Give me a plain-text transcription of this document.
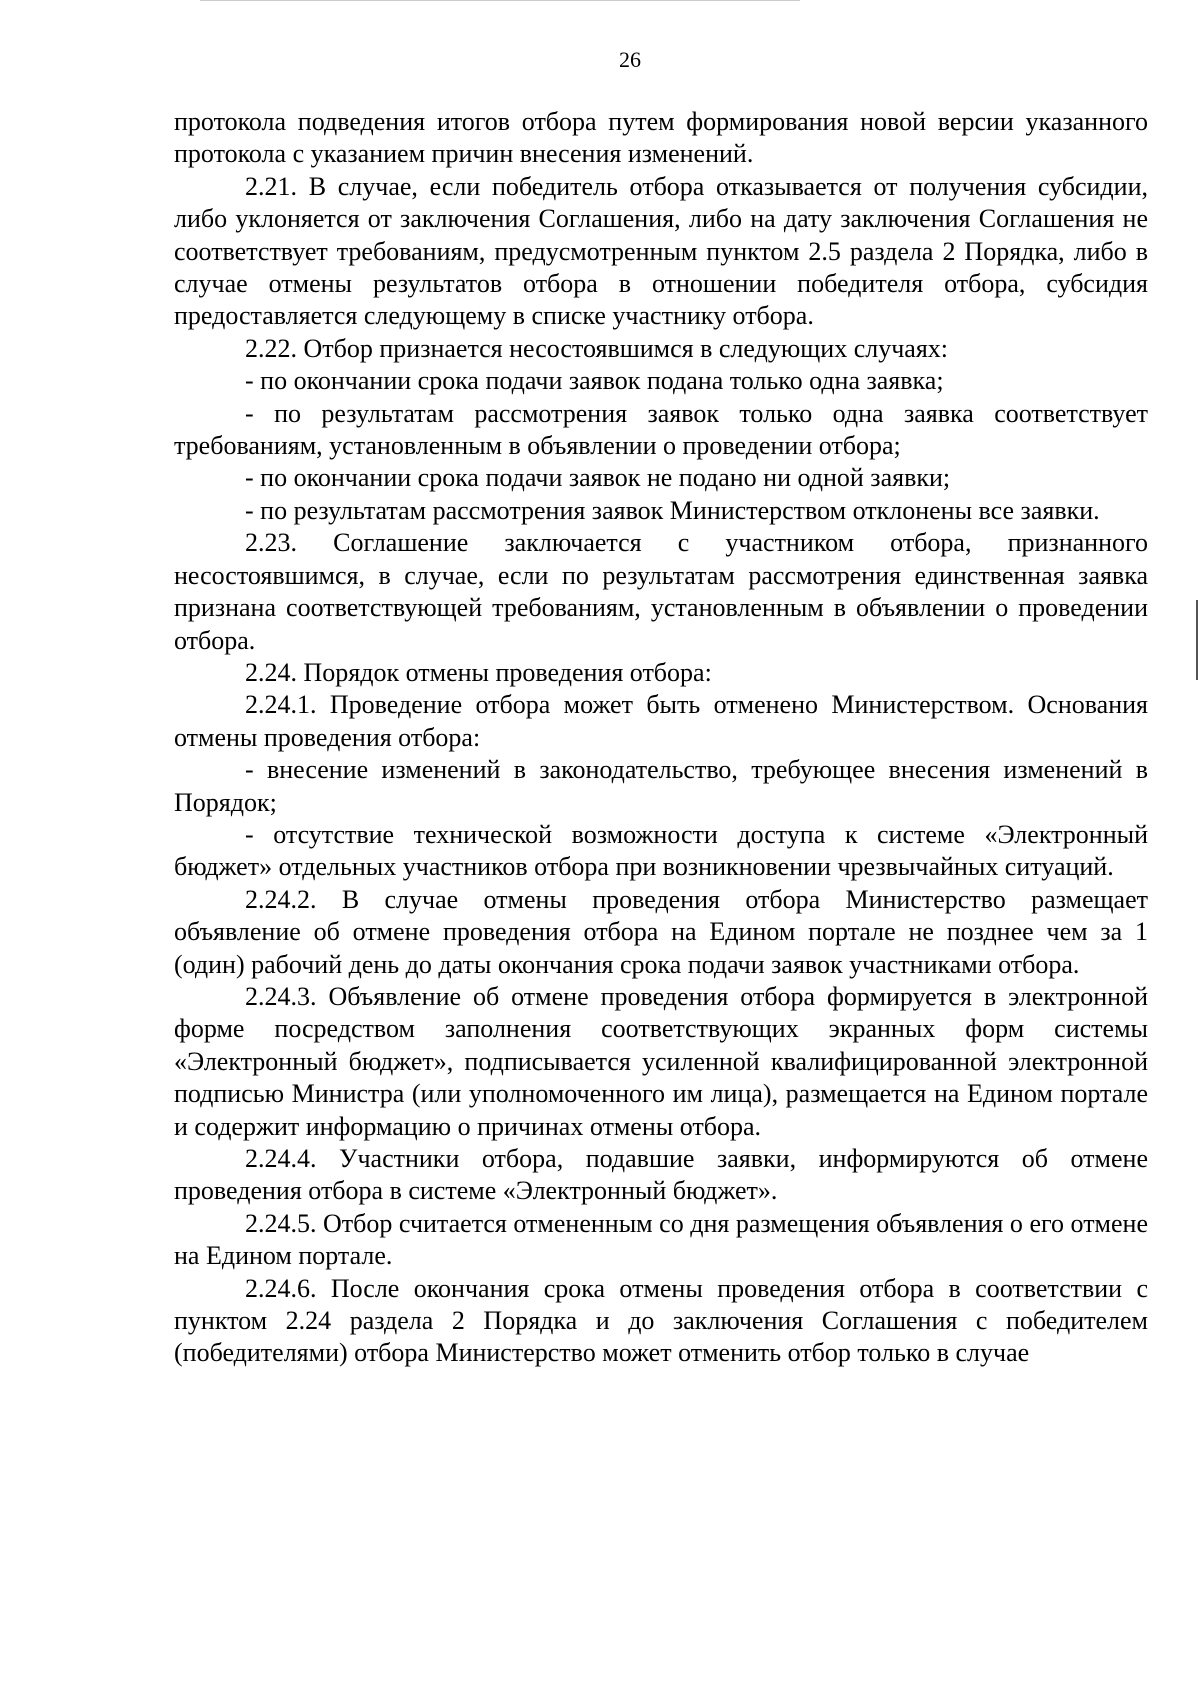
26

протокола подведения итогов отбора путем формирования новой версии указанного протокола с указанием причин внесения изменений.

2.21. В случае, если победитель отбора отказывается от получения субсидии, либо уклоняется от заключения Соглашения, либо на дату заключения Соглашения не соответствует требованиям, предусмотренным пунктом 2.5 раздела 2 Порядка, либо в случае отмены результатов отбора в отношении победителя отбора, субсидия предоставляется следующему в списке участнику отбора.

2.22. Отбор признается несостоявшимся в следующих случаях:

- по окончании срока подачи заявок подана только одна заявка;

- по результатам рассмотрения заявок только одна заявка соответствует требованиям, установленным в объявлении о проведении отбора;

- по окончании срока подачи заявок не подано ни одной заявки;

- по результатам рассмотрения заявок Министерством отклонены все заявки.

2.23. Соглашение заключается с участником отбора, признанного несостоявшимся, в случае, если по результатам рассмотрения единственная заявка признана соответствующей требованиям, установленным в объявлении о проведении отбора.

2.24. Порядок отмены проведения отбора:

2.24.1. Проведение отбора может быть отменено Министерством. Основания отмены проведения отбора:

- внесение изменений в законодательство, требующее внесения изменений в Порядок;

- отсутствие технической возможности доступа к системе «Электронный бюджет» отдельных участников отбора при возникновении чрезвычайных ситуаций.

2.24.2. В случае отмены проведения отбора Министерство размещает объявление об отмене проведения отбора на Едином портале не позднее чем за 1 (один) рабочий день до даты окончания срока подачи заявок участниками отбора.

2.24.3. Объявление об отмене проведения отбора формируется в электронной форме посредством заполнения соответствующих экранных форм системы «Электронный бюджет», подписывается усиленной квалифицированной электронной подписью Министра (или уполномоченного им лица), размещается на Едином портале и содержит информацию о причинах отмены отбора.

2.24.4. Участники отбора, подавшие заявки, информируются об отмене проведения отбора в системе «Электронный бюджет».

2.24.5. Отбор считается отмененным со дня размещения объявления о его отмене на Едином портале.

2.24.6. После окончания срока отмены проведения отбора в соответствии с пунктом 2.24 раздела 2 Порядка и до заключения Соглашения с победителем (победителями) отбора Министерство может отменить отбор только в случае
